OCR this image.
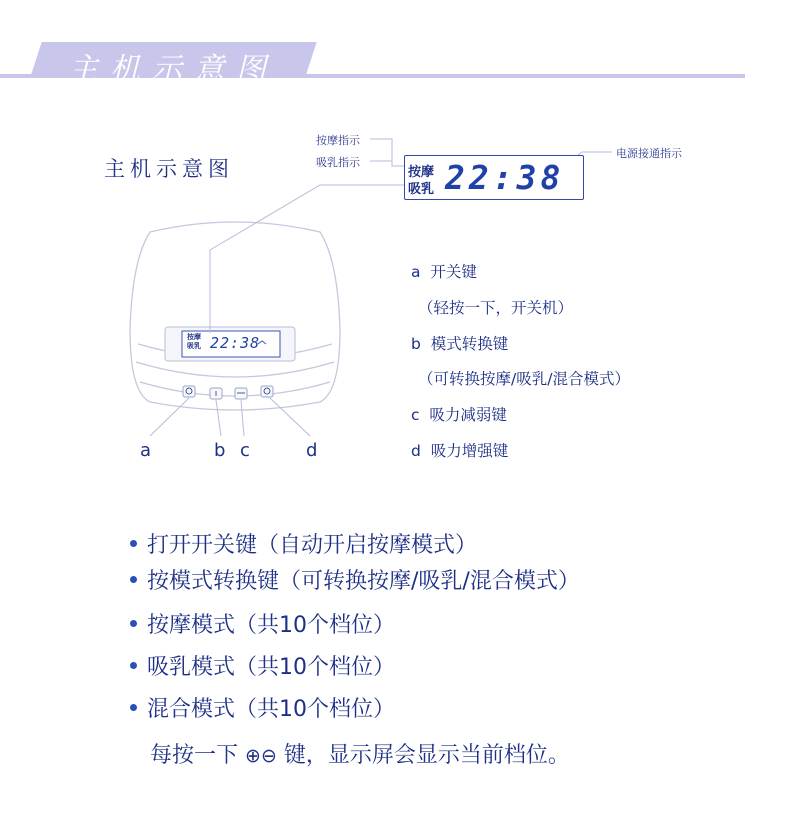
主机示意图
主机示意图
按摩指示
吸乳指示
电源接通指示
按摩
吸乳 22:38
按摩
吸乳 22:38
a	b c	d
a 开关键
（轻按一下，开关机）
b 模式转换键
（可转换按摩/吸乳/混合模式）
c 吸力减弱键
d 吸力增强键
打开开关键（自动开启按摩模式）
按模式转换键（可转换按摩/吸乳/混合模式）
按摩模式（共10个档位）
吸乳模式（共10个档位）
混合模式（共10个档位）
每按一下 ⊕⊖ 键，显示屏会显示当前档位。
